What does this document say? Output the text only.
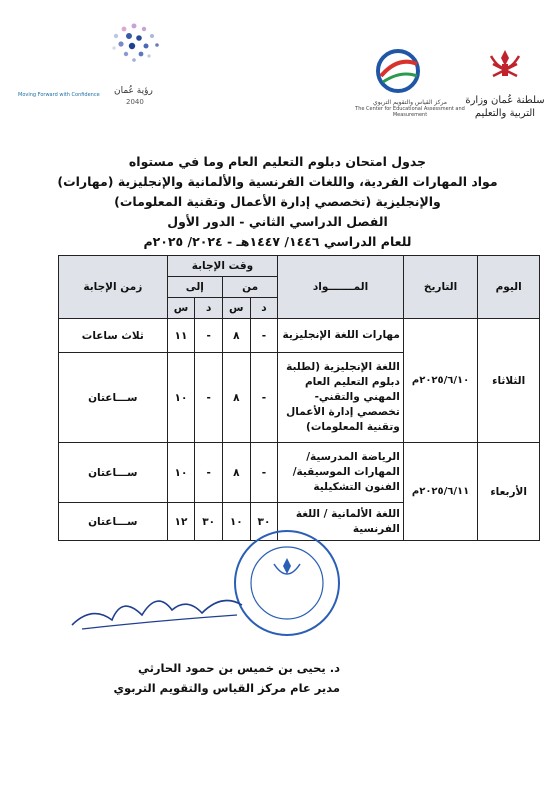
رؤية عُمان
2040
Moving Forward with Confidence
مركز القياس والتقويم التربوي
The Center for Educational Assessment and Measurement
سلطنة عُمان وزارة التربية والتعليم
جدول امتحان دبلوم التعليم العام وما في مستواه
مواد المهارات الفردية، واللغات الفرنسية والألمانية والإنجليزية (مهارات)
والإنجليزية (تخصصي إدارة الأعمال وتقنية المعلومات)
الفصل الدراسي الثاني - الدور الأول
للعام الدراسي ١٤٤٦/ ١٤٤٧هـ - ٢٠٢٤/ ٢٠٢٥م
اليوم	التاريخ	المـــــــواد	وقت الإجابة				زمن الإجابة
			من		إلى		
			د	س	د	س	
الثلاثاء	٢٠٢٥/٦/١٠م	مهارات اللغة الإنجليزية	-	٨	-	١١	ثلاث ساعات
		اللغة الإنجليزية (لطلبة دبلوم التعليم العام المهني والتقني- تخصصي إدارة الأعمال وتقنية المعلومات)	-	٨	-	١٠	ســـاعتان
الأربعاء	٢٠٢٥/٦/١١م	الرياضة المدرسية/ المهارات الموسيقية/ الفنون التشكيلية	-	٨	-	١٠	ســـاعتان
		اللغة الألمانية / اللغة الفرنسية	٣٠	١٠	٣٠	١٢	ســـاعتان
د. يحيى بن خميس بن حمود الحارثي
مدير عام مركز القياس والتقويم التربوي
